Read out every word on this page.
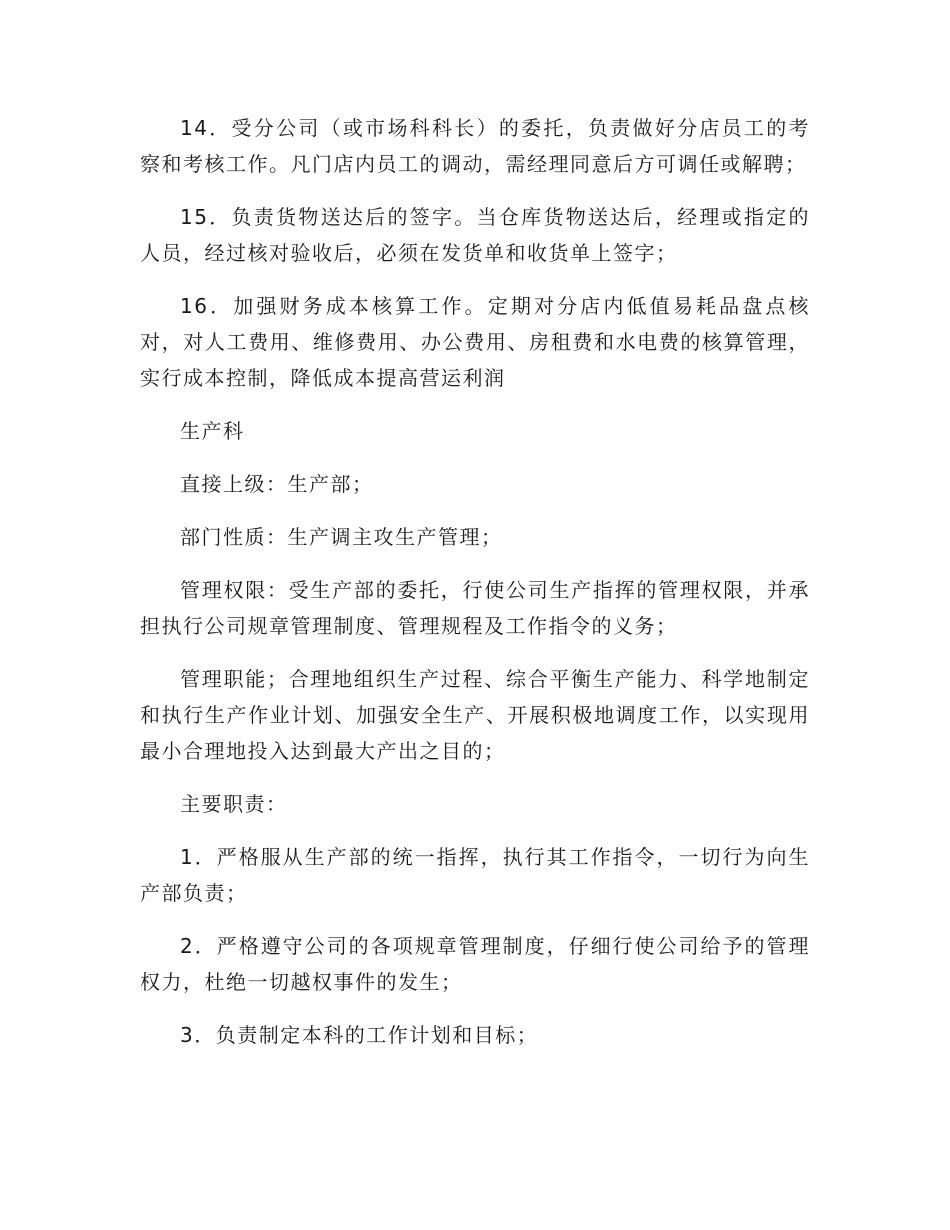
14．受分公司（或市场科科长）的委托，负责做好分店员工的考察和考核工作。凡门店内员工的调动，需经理同意后方可调任或解聘；

15．负责货物送达后的签字。当仓库货物送达后，经理或指定的人员，经过核对验收后，必须在发货单和收货单上签字；

16．加强财务成本核算工作。定期对分店内低值易耗品盘点核对，对人工费用、维修费用、办公费用、房租费和水电费的核算管理，实行成本控制，降低成本提高营运利润

生产科

直接上级：生产部；

部门性质：生产调主攻生产管理；

管理权限：受生产部的委托，行使公司生产指挥的管理权限，并承担执行公司规章管理制度、管理规程及工作指令的义务；

管理职能；合理地组织生产过程、综合平衡生产能力、科学地制定和执行生产作业计划、加强安全生产、开展积极地调度工作，以实现用最小合理地投入达到最大产出之目的；

主要职责：

1．严格服从生产部的统一指挥，执行其工作指令，一切行为向生产部负责；

2．严格遵守公司的各项规章管理制度，仔细行使公司给予的管理权力，杜绝一切越权事件的发生；

3．负责制定本科的工作计划和目标；
